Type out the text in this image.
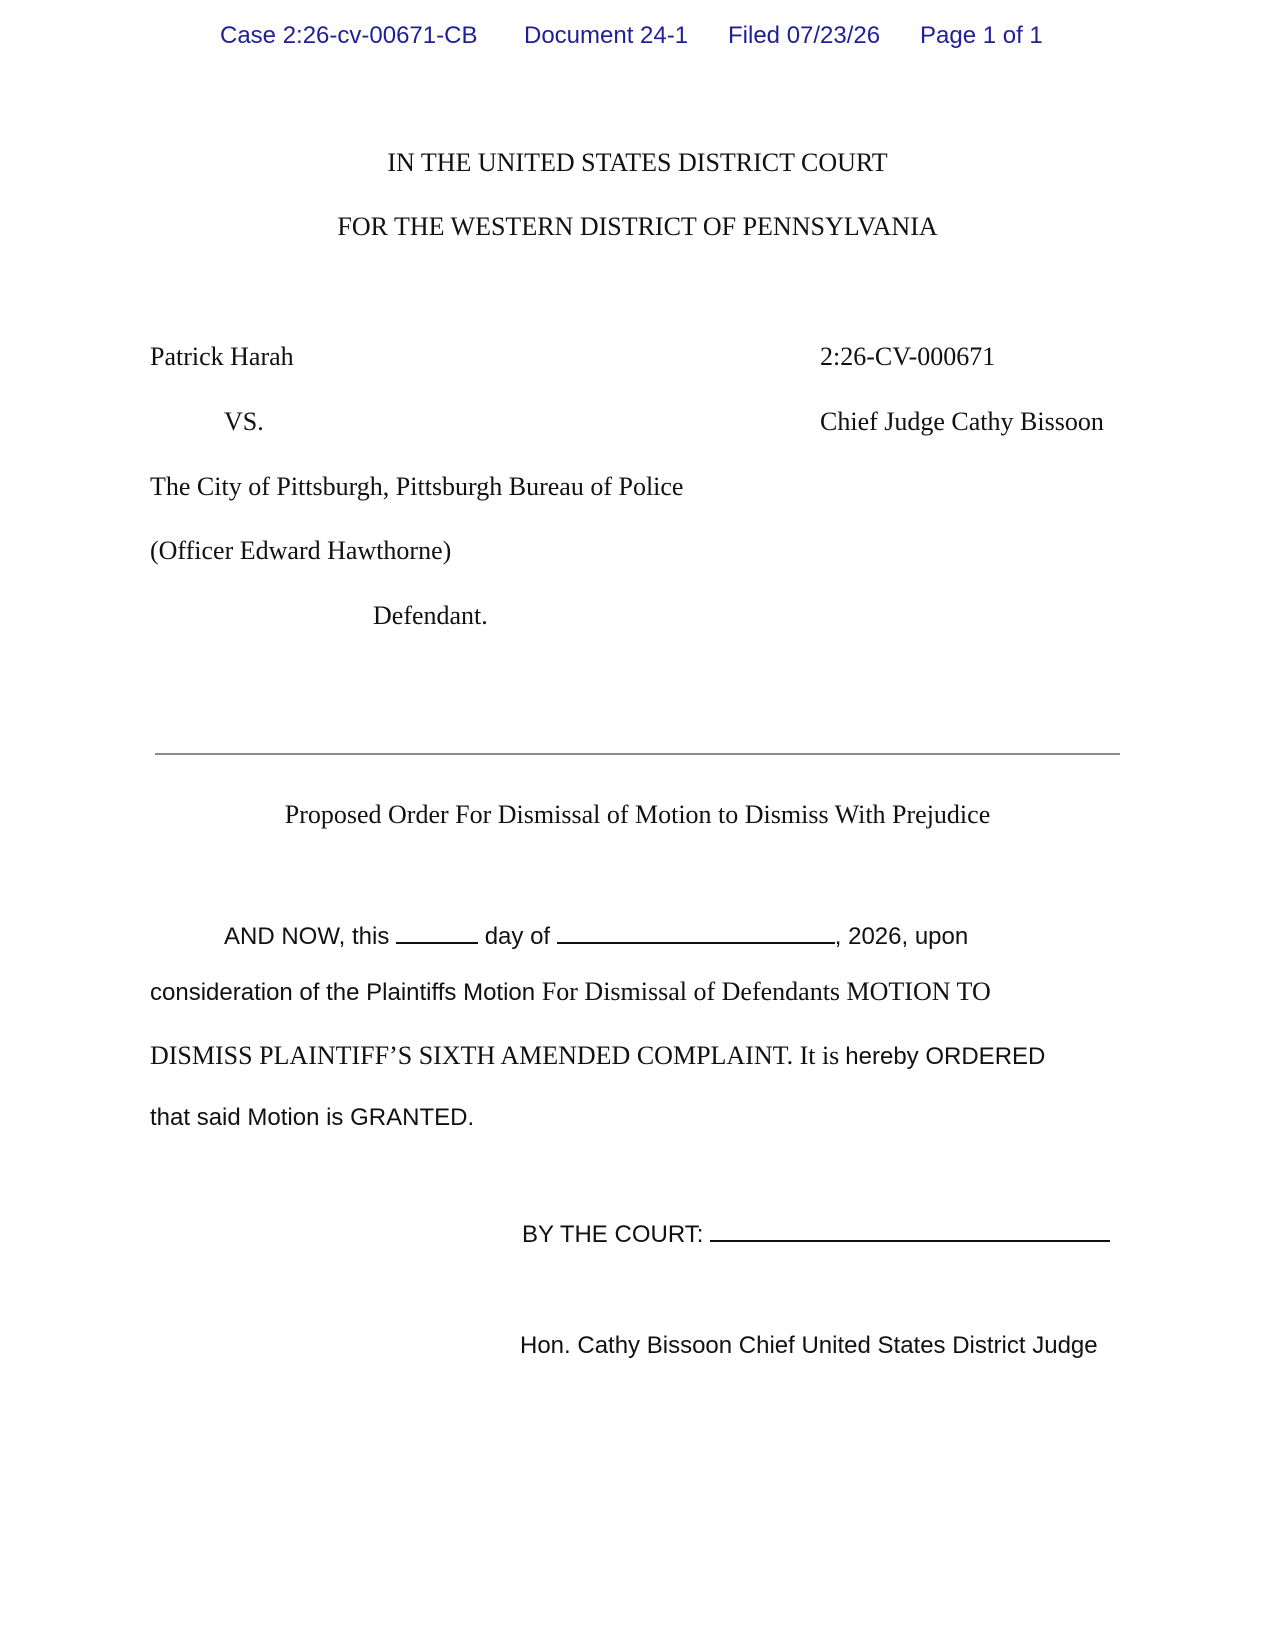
Case 2:26-cv-00671-CB Document 24-1 Filed 07/23/26 Page 1 of 1
IN THE UNITED STATES DISTRICT COURT
FOR THE WESTERN DISTRICT OF PENNSYLVANIA
Patrick Harah	2:26-CV-000671
VS.	Chief Judge Cathy Bissoon
The City of Pittsburgh, Pittsburgh Bureau of Police
(Officer Edward Hawthorne)
Defendant.
Proposed Order For Dismissal of Motion to Dismiss With Prejudice
AND NOW, this	day of	, 2026, upon
consideration of the Plaintiffs Motion For Dismissal of Defendants MOTION TO
DISMISS PLAINTIFF’S SIXTH AMENDED COMPLAINT. It is hereby ORDERED
that said Motion is GRANTED.
BY THE COURT:
Hon. Cathy Bissoon Chief United States District Judge
